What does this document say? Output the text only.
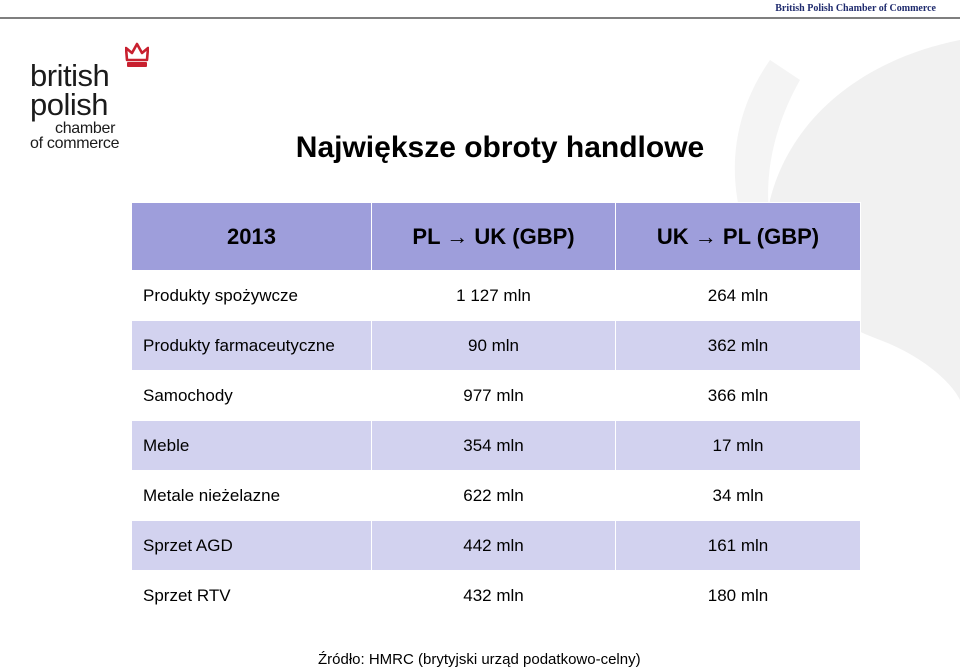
British Polish Chamber of Commerce
british
polish
chamber
of commerce	Największe obroty handlowe
2013	PL → UK (GBP)	UK → PL (GBP)
Produkty spożywcze	1 127 mln	264 mln
Produkty farmaceutyczne	90 mln	362 mln
Samochody	977 mln	366 mln
Meble	354 mln	17 mln
Metale nieżelazne	622 mln	34 mln
Sprzet AGD	442 mln	161 mln
Sprzet RTV	432 mln	180 mln
Źródło: HMRC (brytyjski urząd podatkowo-celny)
